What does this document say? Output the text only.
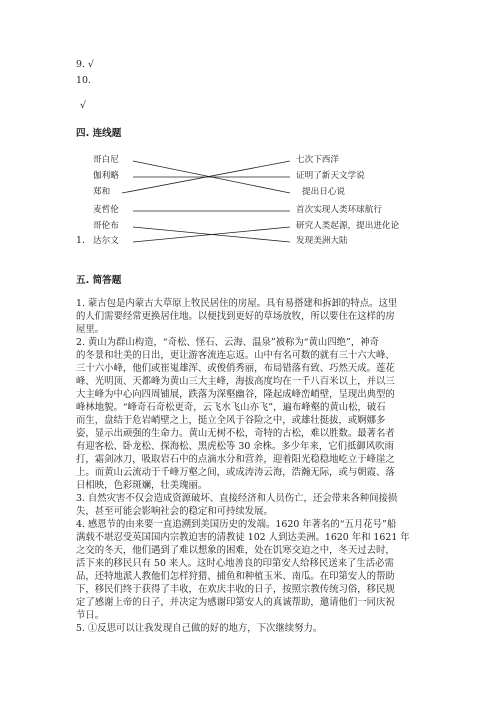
9. √
10.
√
四. 连线题
哥白尼
伽利略
郑和
麦哲伦
哥伦布
1. 达尔文
七次下西洋
证明了新天文学说
提出日心说
首次实现人类环球航行
研究人类起源，提出进化论
发现美洲大陆
五. 简答题
1. 蒙古包是内蒙古大草原上牧民居住的房屋。具有易搭建和拆卸的特点。这里
的人们需要经常更换居住地。以便找到更好的草场放牧，所以要住在这样的房
屋里。
2. 黄山为群山构造，“奇松、怪石、云海、温泉”被称为“黄山四绝”，神奇
的冬景和壮美的日出，更让游客流连忘返。山中有名可数的就有三十六大峰、
三十六小峰，他们或崔嵬雄浑、或俊俏秀丽，布局错落有致、巧然天成。莲花
峰、光明顶、天都峰为黄山三大主峰，海拔高度均在一千八百米以上，并以三
大主峰为中心向四周铺展，跌落为深壑幽谷，隆起成峰峦峭壁，呈现出典型的
峰林地貌。“峰奇石奇松更奇，云飞水飞山亦飞”，遍布峰壑的黄山松，破石
而生，盘结于危岩峭壁之上，挺立全风于谷险之中，或雄壮挺拔，或婀娜多
姿，显示出顽强的生命力。黄山无树不松，奇特的古松，难以胜数。最著名者
有迎客松、卧龙松、探海松、黑虎松等 30 余株。多少年来，它们抵御风吹雨
打，霜剑冰刀，吸取岩石中的点滴水分和营养，迎着阳光稳稳地屹立于峰崖之
上。而黄山云流动于千峰万壑之间，或成涛涛云海，浩瀚无际，或与朝霞、落
日相映，色彩斑斓，壮美瑰丽。
3. 自然灾害不仅会造成资源破坏、直接经济和人员伤亡，还会带来各种间接损
失，甚至可能会影响社会的稳定和可持续发展。
4. 感恩节的由来要一直追溯到美国历史的发端。1620 年著名的“五月花号”船
满载不堪忍受英国国内宗教迫害的清教徒 102 人到达美洲。1620 年和 1621 年
之交的冬天，他们遇到了难以想象的困难，处在饥寒交迫之中，冬天过去时，
活下来的移民只有 50 来人。这时心地善良的印第安人给移民送来了生活必需
品，还特地派人教他们怎样狩猎、捕鱼和种植玉米、南瓜。在印第安人的帮助
下，移民们终于获得了丰收，在欢庆丰收的日子，按照宗教传统习俗，移民规
定了感谢上帝的日子，并决定为感谢印第安人的真诚帮助，邀请他们一同庆祝
节日。
5. ①反思可以让我发现自己做的好的地方，下次继续努力。
